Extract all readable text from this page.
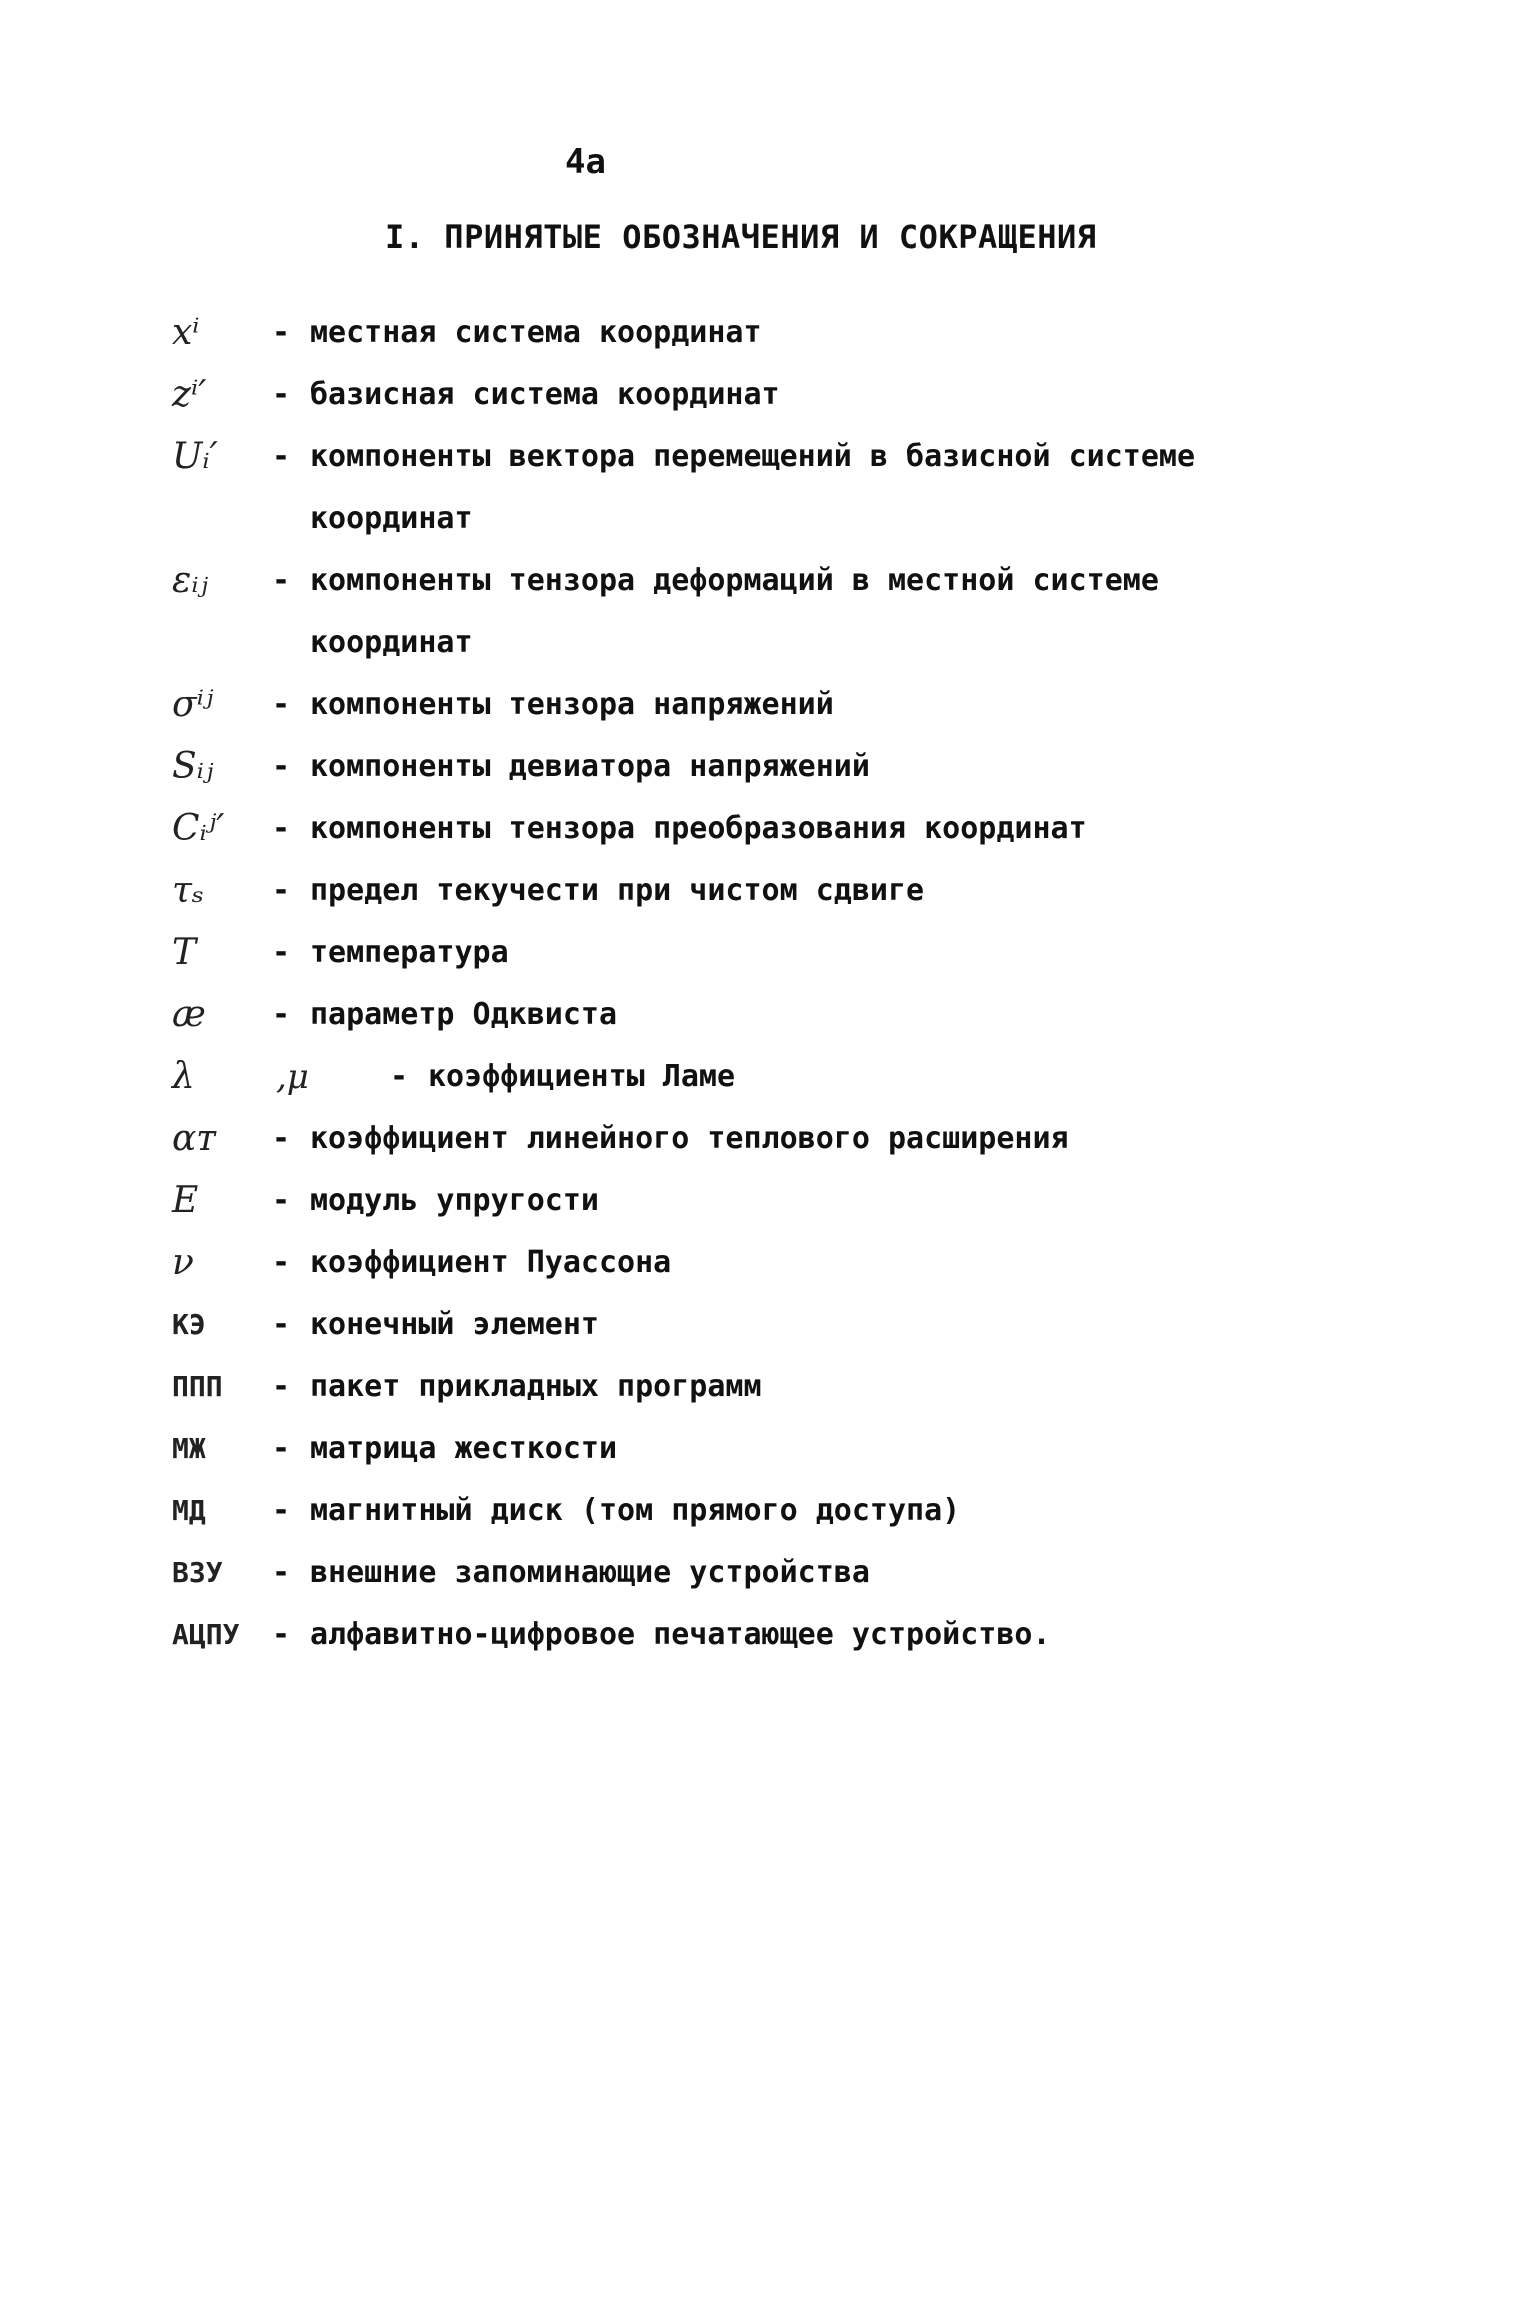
4a
I. ПРИНЯТЫЕ ОБОЗНАЧЕНИЯ И СОКРАЩЕНИЯ
xⁱ - местная система координат
zⁱ′ - базисная система координат
Uᵢ′ - компоненты вектора перемещений в базисной системе
координат
εᵢⱼ - компоненты тензора деформаций в местной системе
координат
σⁱʲ - компоненты тензора напряжений
Sᵢⱼ - компоненты девиатора напряжений
Cᵢʲ′ - компоненты тензора преобразования координат
τₛ - предел текучести при чистом сдвиге
T	- температура
æ - параметр Одквиста
λ ,μ	- коэффициенты Ламе
αᴛ - коэффициент линейного теплового расширения
E - модуль упругости
ν	- коэффициент Пуассона
КЭ - конечный элемент
ППП - пакет прикладных программ
МЖ - матрица жесткости
МД - магнитный диск (том прямого доступа)
ВЗУ - внешние запоминающие устройства
АЦПУ - алфавитно-цифровое печатающее устройство.
